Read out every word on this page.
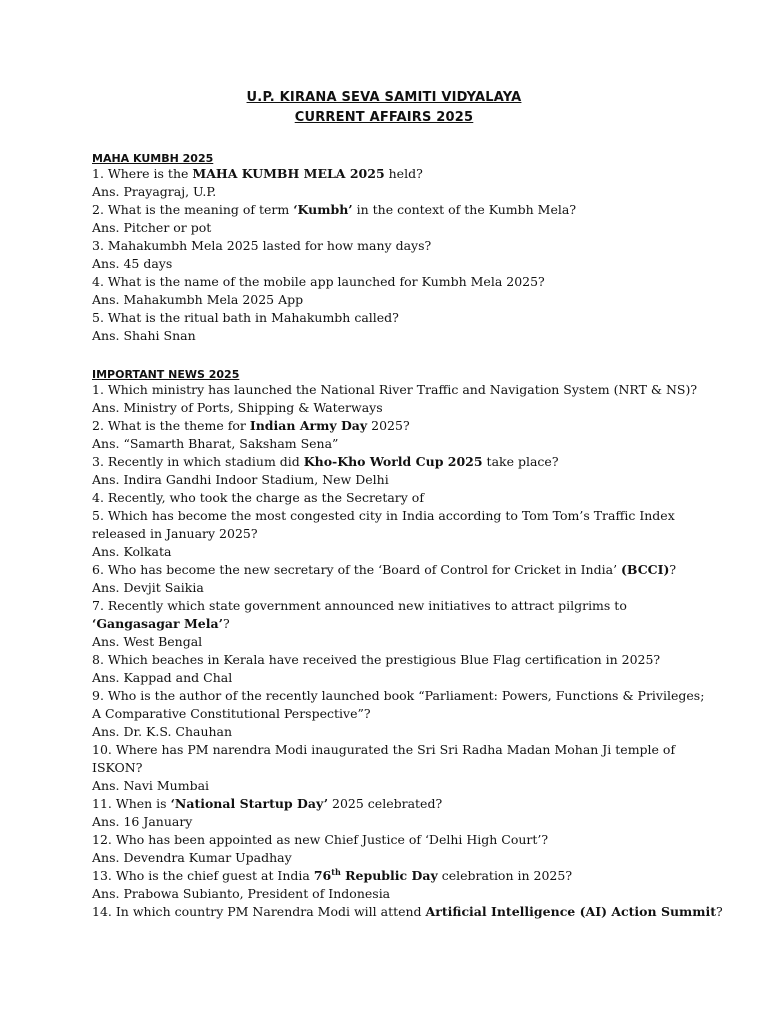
U.P. KIRANA SEVA SAMITI VIDYALAYA
CURRENT AFFAIRS 2025
MAHA KUMBH 2025
1. Where is the MAHA KUMBH MELA 2025 held?
Ans. Prayagraj, U.P.
2. What is the meaning of term ‘Kumbh’ in the context of the Kumbh Mela?
Ans. Pitcher or pot
3. Mahakumbh Mela 2025 lasted for how many days?
Ans. 45 days
4. What is the name of the mobile app launched for Kumbh Mela 2025?
Ans. Mahakumbh Mela 2025 App
5. What is the ritual bath in Mahakumbh called?
Ans. Shahi Snan
IMPORTANT NEWS 2025
1. Which ministry has launched the National River Traffic and Navigation System (NRT & NS)?
Ans. Ministry of Ports, Shipping & Waterways
2. What is the theme for Indian Army Day 2025?
Ans. “Samarth Bharat, Saksham Sena”
3. Recently in which stadium did Kho-Kho World Cup 2025 take place?
Ans. Indira Gandhi Indoor Stadium, New Delhi
4. Recently, who took the charge as the Secretary of
5. Which has become the most congested city in India according to Tom Tom’s Traffic Index
released in January 2025?
Ans. Kolkata
6. Who has become the new secretary of the ‘Board of Control for Cricket in India’ (BCCI)?
Ans. Devjit Saikia
7. Recently which state government announced new initiatives to attract pilgrims to
‘Gangasagar Mela’?
Ans. West Bengal
8. Which beaches in Kerala have received the prestigious Blue Flag certification in 2025?
Ans. Kappad and Chal
9. Who is the author of the recently launched book “Parliament: Powers, Functions & Privileges;
A Comparative Constitutional Perspective”?
Ans. Dr. K.S. Chauhan
10. Where has PM narendra Modi inaugurated the Sri Sri Radha Madan Mohan Ji temple of
ISKON?
Ans. Navi Mumbai
11. When is ‘National Startup Day’ 2025 celebrated?
Ans. 16 January
12. Who has been appointed as new Chief Justice of ‘Delhi High Court’?
Ans. Devendra Kumar Upadhay
13. Who is the chief guest at India 76th Republic Day celebration in 2025?
Ans. Prabowa Subianto, President of Indonesia
14. In which country PM Narendra Modi will attend Artificial Intelligence (AI) Action Summit?
